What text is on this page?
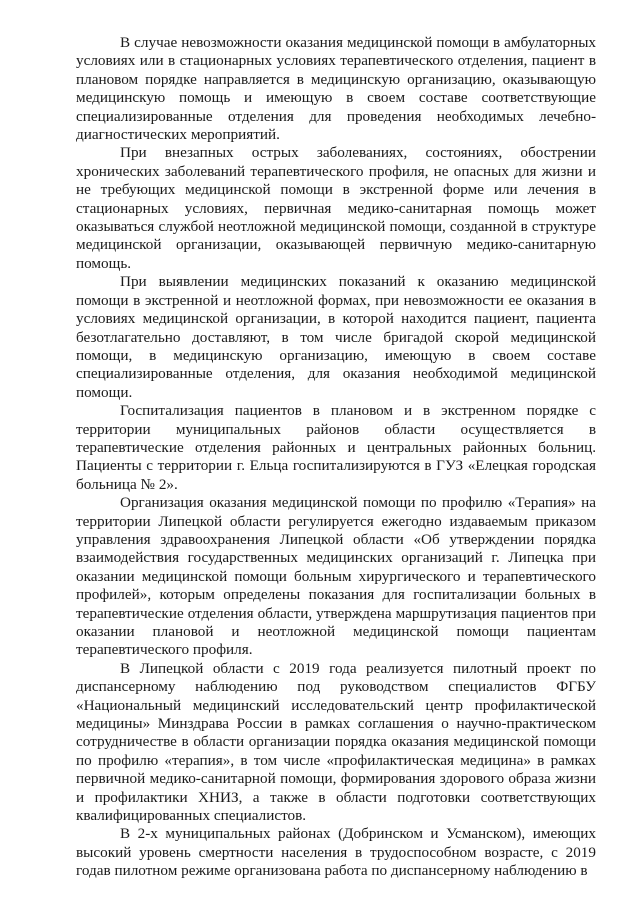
В случае невозможности оказания медицинской помощи в амбулаторных условиях или в стационарных условиях терапевтического отделения, пациент в плановом порядке направляется в медицинскую организацию, оказывающую медицинскую помощь и имеющую в своем составе соответствующие специализированные отделения для проведения необходимых лечебно-диагностических мероприятий.

При внезапных острых заболеваниях, состояниях, обострении хронических заболеваний терапевтического профиля, не опасных для жизни и не требующих медицинской помощи в экстренной форме или лечения в стационарных условиях, первичная медико-санитарная помощь может оказываться службой неотложной медицинской помощи, созданной в структуре медицинской организации, оказывающей первичную медико-санитарную помощь.

При выявлении медицинских показаний к оказанию медицинской помощи в экстренной и неотложной формах, при невозможности ее оказания в условиях медицинской организации, в которой находится пациент, пациента безотлагательно доставляют, в том числе бригадой скорой медицинской помощи, в медицинскую организацию, имеющую в своем составе специализированные отделения, для оказания необходимой медицинской помощи.

Госпитализация пациентов в плановом и в экстренном порядке с территории муниципальных районов области осуществляется в терапевтические отделения районных и центральных районных больниц. Пациенты с территории г. Ельца госпитализируются в ГУЗ «Елецкая городская больница № 2».

Организация оказания медицинской помощи по профилю «Терапия» на территории Липецкой области регулируется ежегодно издаваемым приказом управления здравоохранения Липецкой области «Об утверждении порядка взаимодействия государственных медицинских организаций г. Липецка при оказании медицинской помощи больным хирургического и терапевтического профилей», которым определены показания для госпитализации больных в терапевтические отделения области, утверждена маршрутизация пациентов при оказании плановой и неотложной медицинской помощи пациентам терапевтического профиля.

В Липецкой области с 2019 года реализуется пилотный проект по диспансерному наблюдению под руководством специалистов ФГБУ «Национальный медицинский исследовательский центр профилактической медицины» Минздрава России в рамках соглашения о научно-практическом сотрудничестве в области организации порядка оказания медицинской помощи по профилю «терапия», в том числе «профилактическая медицина» в рамках первичной медико-санитарной помощи, формирования здорового образа жизни и профилактики ХНИЗ, а также в области подготовки соответствующих квалифицированных специалистов.

В 2-х муниципальных районах (Добринском и Усманском), имеющих высокий уровень смертности населения в трудоспособном возрасте, с 2019 годав пилотном режиме организована работа по диспансерному наблюдению в
